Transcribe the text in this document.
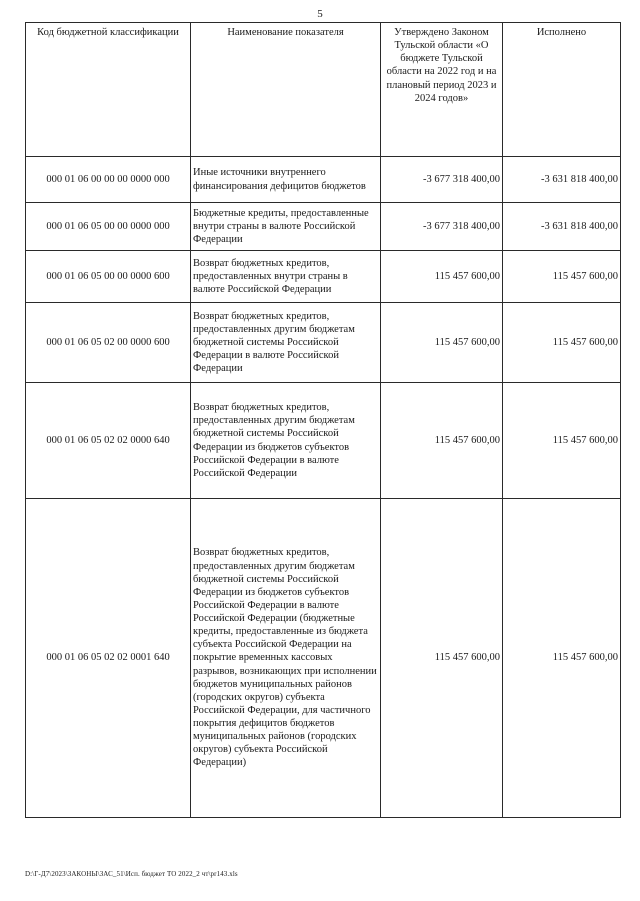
5
Код бюджетной классификации	Наименование показателя	Утверждено Законом Тульской области «О бюджете Тульской области на 2022 год и на плановый период 2023 и 2024 годов»	Исполнено
000 01 06 00 00 00 0000 000	Иные источники внутреннего финансирования дефицитов бюджетов	-3 677 318 400,00	-3 631 818 400,00
000 01 06 05 00 00 0000 000	Бюджетные кредиты, предоставленные внутри страны в валюте Российской Федерации	-3 677 318 400,00	-3 631 818 400,00
000 01 06 05 00 00 0000 600	Возврат бюджетных кредитов, предоставленных внутри страны в валюте Российской Федерации	115 457 600,00	115 457 600,00
000 01 06 05 02 00 0000 600	Возврат бюджетных кредитов, предоставленных другим бюджетам бюджетной системы Российской Федерации в валюте Российской Федерации	115 457 600,00	115 457 600,00
000 01 06 05 02 02 0000 640	Возврат бюджетных кредитов, предоставленных другим бюджетам бюджетной системы Российской Федерации из бюджетов субъектов Российской Федерации в валюте Российской Федерации	115 457 600,00	115 457 600,00
000 01 06 05 02 02 0001 640	Возврат бюджетных кредитов, предоставленных другим бюджетам бюджетной системы Российской Федерации из бюджетов субъектов Российской Федерации в валюте Российской Федерации (бюджетные кредиты, предоставленные из бюджета субъекта Российской Федерации на покрытие временных кассовых разрывов, возникающих при исполнении бюджетов муниципальных районов (городских округов) субъекта Российской Федерации, для частичного покрытия дефицитов бюджетов муниципальных районов (городских округов) субъекта Российской Федерации)	115 457 600,00	115 457 600,00
D:\Г-Д7\2023\ЗАКОНЫ\ЗАС_51\Исп. бюджет ТО 2022_2 чт\pr143.xls
